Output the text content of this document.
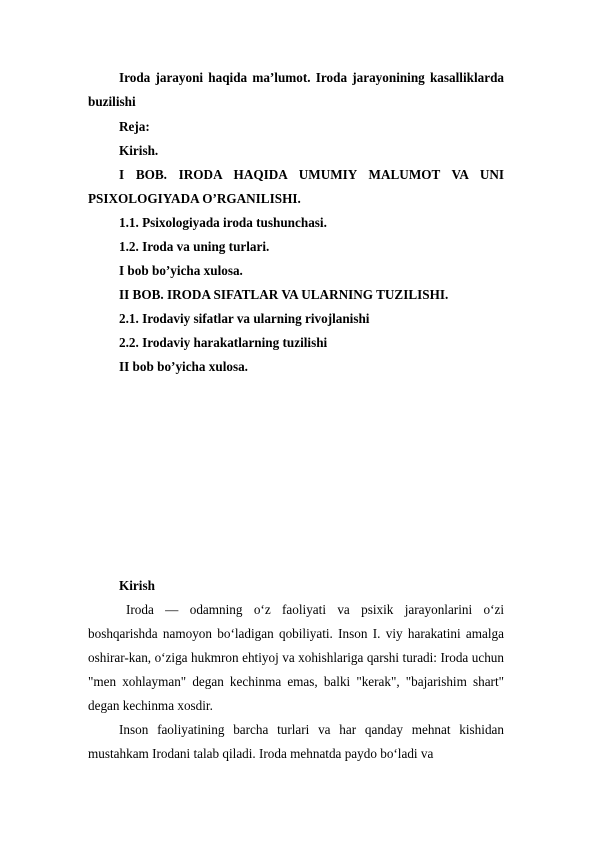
Iroda jarayoni haqida ma’lumot. Iroda jarayonining kasalliklarda buzilishi
Reja:
Kirish.
I BOB. IRODA HAQIDA UMUMIY MALUMOT VA UNI PSIXOLOGIYADA O’RGANILISHI.
1.1. Psixologiyada iroda tushunchasi.
1.2. Iroda va uning turlari.
I bob bo’yicha xulosa.
II BOB. IRODA SIFATLAR VA ULARNING TUZILISHI.
2.1. Irodaviy sifatlar va ularning rivojlanishi
2.2. Irodaviy harakatlarning tuzilishi
II bob bo’yicha xulosa.
Kirish
Iroda — odamning o‘z faoliyati va psixik jarayonlarini o‘zi boshqarishda namoyon bo‘ladigan qobiliyati. Inson I. viy harakatini amalga oshirar-kan, o‘ziga hukmron ehtiyoj va xohishlariga qarshi turadi: Iroda uchun "men xohlayman" degan kechinma emas, balki "kerak", "bajarishim shart" degan kechinma xosdir.
Inson faoliyatining barcha turlari va har qanday mehnat kishidan mustahkam Irodani talab qiladi. Iroda mehnatda paydo bo‘ladi va
